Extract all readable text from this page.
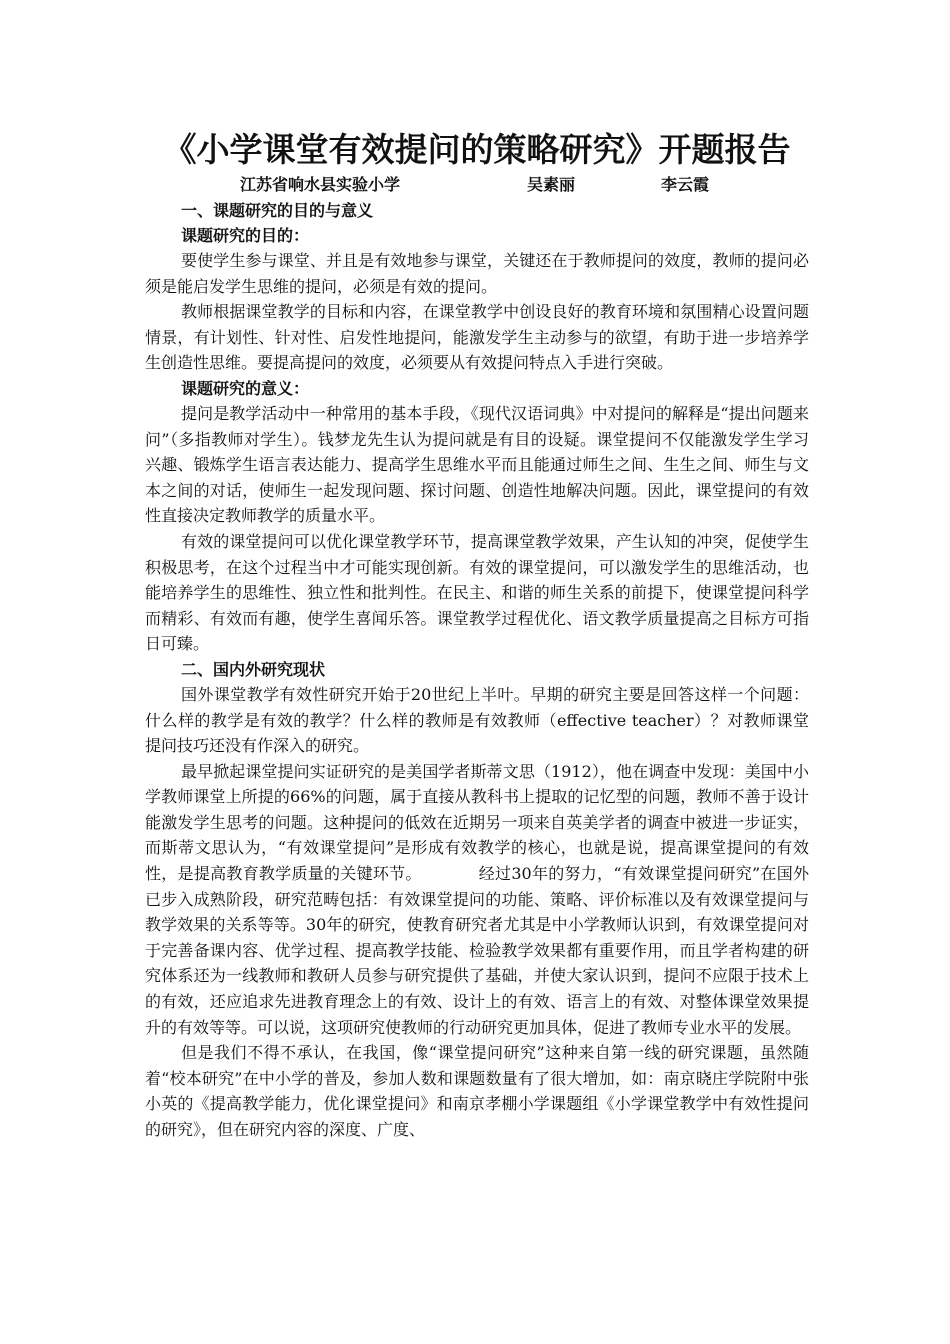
《小学课堂有效提问的策略研究》开题报告
江苏省响水县实验小学	吴素丽	李云霞
一、课题研究的目的与意义
课题研究的目的：

要使学生参与课堂、并且是有效地参与课堂，关键还在于教师提问的效度，教师的提问必须是能启发学生思维的提问，必须是有效的提问。

教师根据课堂教学的目标和内容，在课堂教学中创设良好的教育环境和氛围精心设置问题情景，有计划性、针对性、启发性地提问，能激发学生主动参与的欲望，有助于进一步培养学生创造性思维。要提高提问的效度，必须要从有效提问特点入手进行突破。

课题研究的意义：

提问是教学活动中一种常用的基本手段，《现代汉语词典》中对提问的解释是“提出问题来问”（多指教师对学生）。钱梦龙先生认为提问就是有目的设疑。课堂提问不仅能激发学生学习兴趣、锻炼学生语言表达能力、提高学生思维水平而且能通过师生之间、生生之间、师生与文本之间的对话，使师生一起发现问题、探讨问题、创造性地解决问题。因此，课堂提问的有效性直接决定教师教学的质量水平。

有效的课堂提问可以优化课堂教学环节，提高课堂教学效果，产生认知的冲突，促使学生积极思考，在这个过程当中才可能实现创新。有效的课堂提问，可以激发学生的思维活动，也能培养学生的思维性、独立性和批判性。在民主、和谐的师生关系的前提下，使课堂提问科学而精彩、有效而有趣，使学生喜闻乐答。课堂教学过程优化、语文教学质量提高之目标方可指日可臻。

二、国内外研究现状

国外课堂教学有效性研究开始于20世纪上半叶。早期的研究主要是回答这样一个问题：什么样的教学是有效的教学？什么样的教师是有效教师（effective teacher）？对教师课堂提问技巧还没有作深入的研究。

最早掀起课堂提问实证研究的是美国学者斯蒂文思（1912），他在调查中发现：美国中小学教师课堂上所提的66%的问题，属于直接从教科书上提取的记忆型的问题，教师不善于设计能激发学生思考的问题。这种提问的低效在近期另一项来自英美学者的调查中被进一步证实，而斯蒂文思认为，“有效课堂提问”是形成有效教学的核心，也就是说，提高课堂提问的有效性，是提高教育教学质量的关键环节。　　　　经过30年的努力，“有效课堂提问研究”在国外已步入成熟阶段，研究范畴包括：有效课堂提问的功能、策略、评价标准以及有效课堂提问与教学效果的关系等等。30年的研究，使教育研究者尤其是中小学教师认识到，有效课堂提问对于完善备课内容、优学过程、提高教学技能、检验教学效果都有重要作用，而且学者构建的研究体系还为一线教师和教研人员参与研究提供了基础，并使大家认识到，提问不应限于技术上的有效，还应追求先进教育理念上的有效、设计上的有效、语言上的有效、对整体课堂效果提升的有效等等。可以说，这项研究使教师的行动研究更加具体，促进了教师专业水平的发展。

但是我们不得不承认，在我国，像“课堂提问研究”这种来自第一线的研究课题，虽然随着“校本研究”在中小学的普及，参加人数和课题数量有了很大增加，如：南京晓庄学院附中张小英的《提高教学能力，优化课堂提问》和南京孝棚小学课题组《小学课堂教学中有效性提问的研究》，但在研究内容的深度、广度、
